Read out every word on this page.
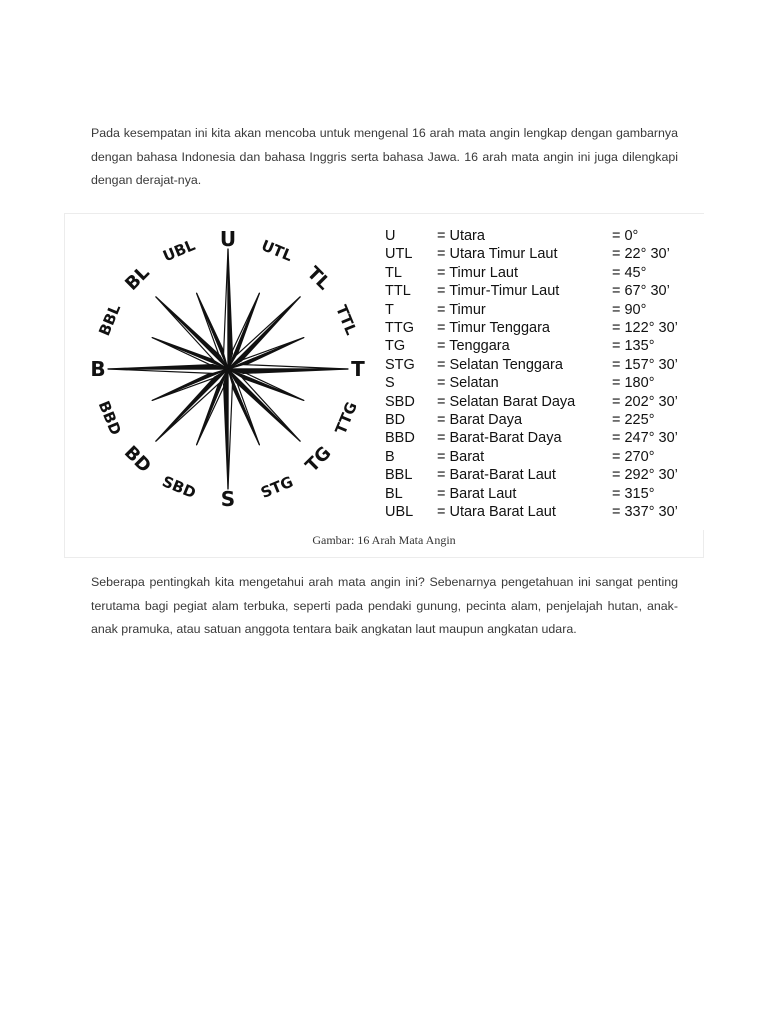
Pada kesempatan ini kita akan mencoba untuk mengenal 16 arah mata angin lengkap dengan gambarnya dengan bahasa Indonesia dan bahasa Inggris serta bahasa Jawa. 16 arah mata angin ini juga dilengkapi dengan derajat-nya.

U UTL
TL
TTL
T
TTG
TG
STG
S
SBD
BD
BBD
B
BBL
BL
UBL
U	= Utara	= 0°
UTL = Utara Timur Laut	= 22° 30’
TL = Timur Laut	= 45°
TTL = Timur-Timur Laut	= 67° 30’
T	= Timur	= 90°
TTG = Timur Tenggara	= 122° 30’
TG = Tenggara	= 135°
STG = Selatan Tenggara	= 157° 30’
S	= Selatan	= 180°
SBD = Selatan Barat Daya	= 202° 30’
BD = Barat Daya	= 225°
BBD = Barat-Barat Daya	= 247° 30’
B	= Barat	= 270°
BBL = Barat-Barat Laut	= 292° 30’
BL = Barat Laut	= 315°
UBL = Utara Barat Laut	= 337° 30’
Gambar: 16 Arah Mata Angin

Seberapa pentingkah kita mengetahui arah mata angin ini? Sebenarnya pengetahuan ini sangat penting terutama bagi pegiat alam terbuka, seperti pada pendaki gunung, pecinta alam, penjelajah hutan, anak-anak pramuka, atau satuan anggota tentara baik angkatan laut maupun angkatan udara.
